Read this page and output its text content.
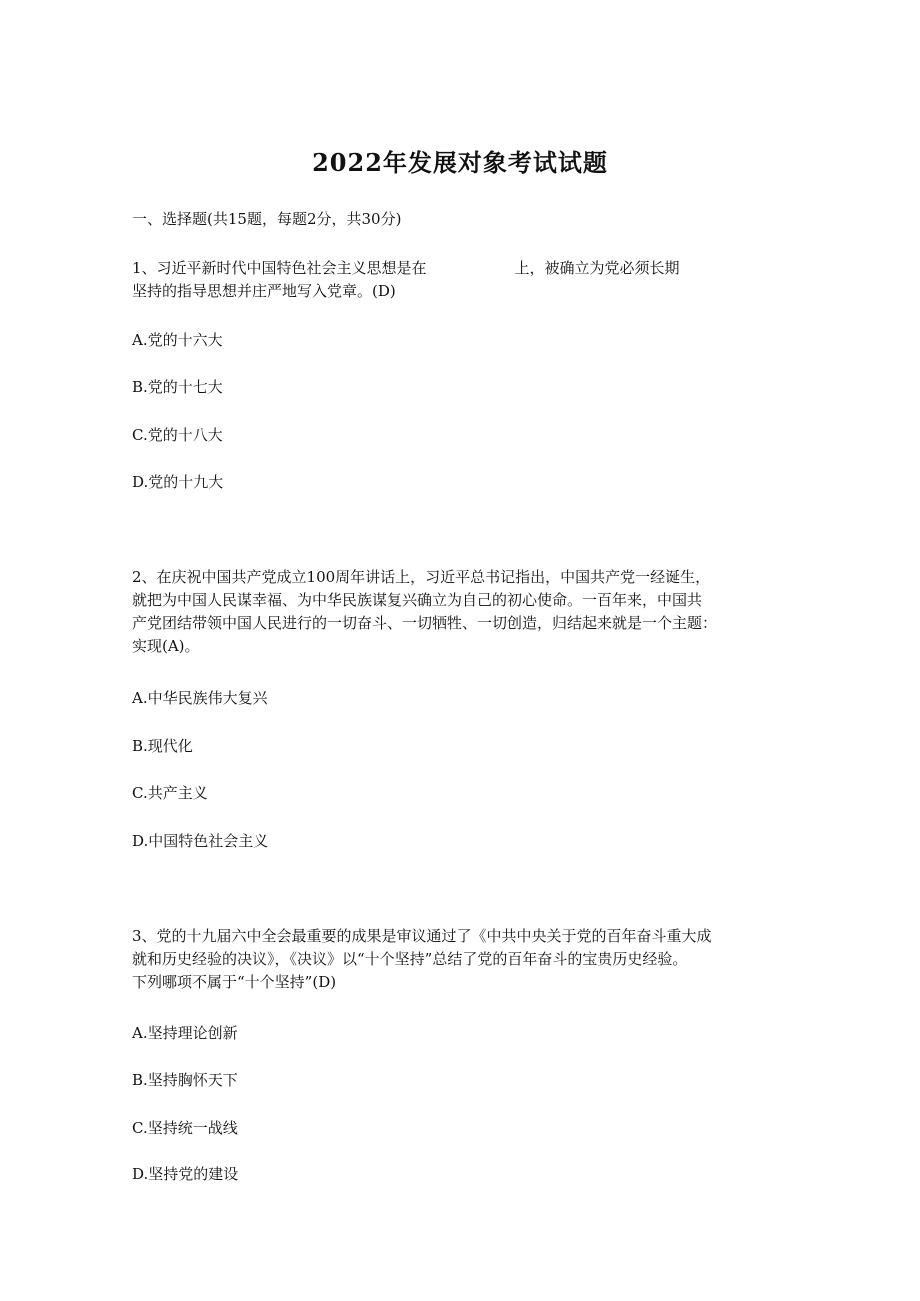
2022年发展对象考试试题
一、选择题(共15题，每题2分，共30分)
1、习近平新时代中国特色社会主义思想是在	上，被确立为党必须长期
坚持的指导思想并庄严地写入党章。(D)
A.党的十六大
B.党的十七大
C.党的十八大
D.党的十九大
2、在庆祝中国共产党成立100周年讲话上，习近平总书记指出，中国共产党一经诞生，
就把为中国人民谋幸福、为中华民族谋复兴确立为自己的初心使命。一百年来，中国共
产党团结带领中国人民进行的一切奋斗、一切牺牲、一切创造，归结起来就是一个主题：
实现(A)。
A.中华民族伟大复兴
B.现代化
C.共产主义
D.中国特色社会主义
3、党的十九届六中全会最重要的成果是审议通过了《中共中央关于党的百年奋斗重大成
就和历史经验的决议》，《决议》以“十个坚持”总结了党的百年奋斗的宝贵历史经验。
下列哪项不属于“十个坚持”(D)
A.坚持理论创新
B.坚持胸怀天下
C.坚持统一战线
D.坚持党的建设
